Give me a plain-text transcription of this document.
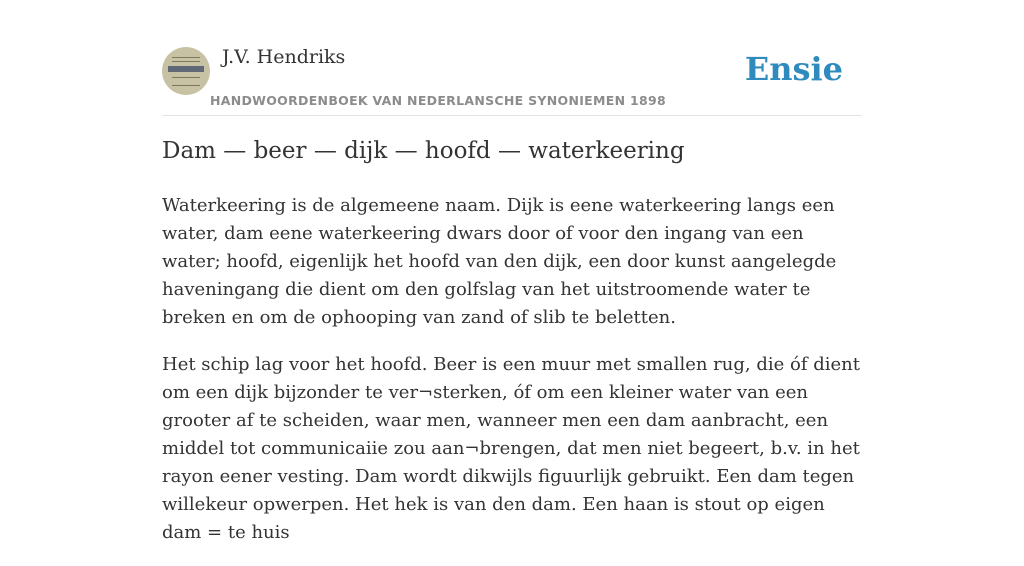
J.V. Hendriks
HANDWOORDENBOEK VAN NEDERLANSCHE SYNONIEMEN 1898
Ensie
Dam — beer — dijk — hoofd — waterkeering

Waterkeering is de algemeene naam. Dijk is eene waterkeering langs een water, dam eene waterkeering dwars door of voor den ingang van een water; hoofd, eigenlijk het hoofd van den dijk, een door kunst aangelegde haveningang die dient om den golfslag van het uitstroomende water te breken en om de ophooping van zand of slib te beletten.

Het schip lag voor het hoofd. Beer is een muur met smallen rug, die óf dient om een dijk bijzonder te ver¬sterken, óf om een kleiner water van een grooter af te scheiden, waar men, wanneer men een dam aanbracht, een middel tot communicaiie zou aan¬brengen, dat men niet begeert, b.v. in het rayon eener vesting. Dam wordt dikwijls figuurlijk gebruikt. Een dam tegen willekeur opwerpen. Het hek is van den dam. Een haan is stout op eigen dam = te huis
